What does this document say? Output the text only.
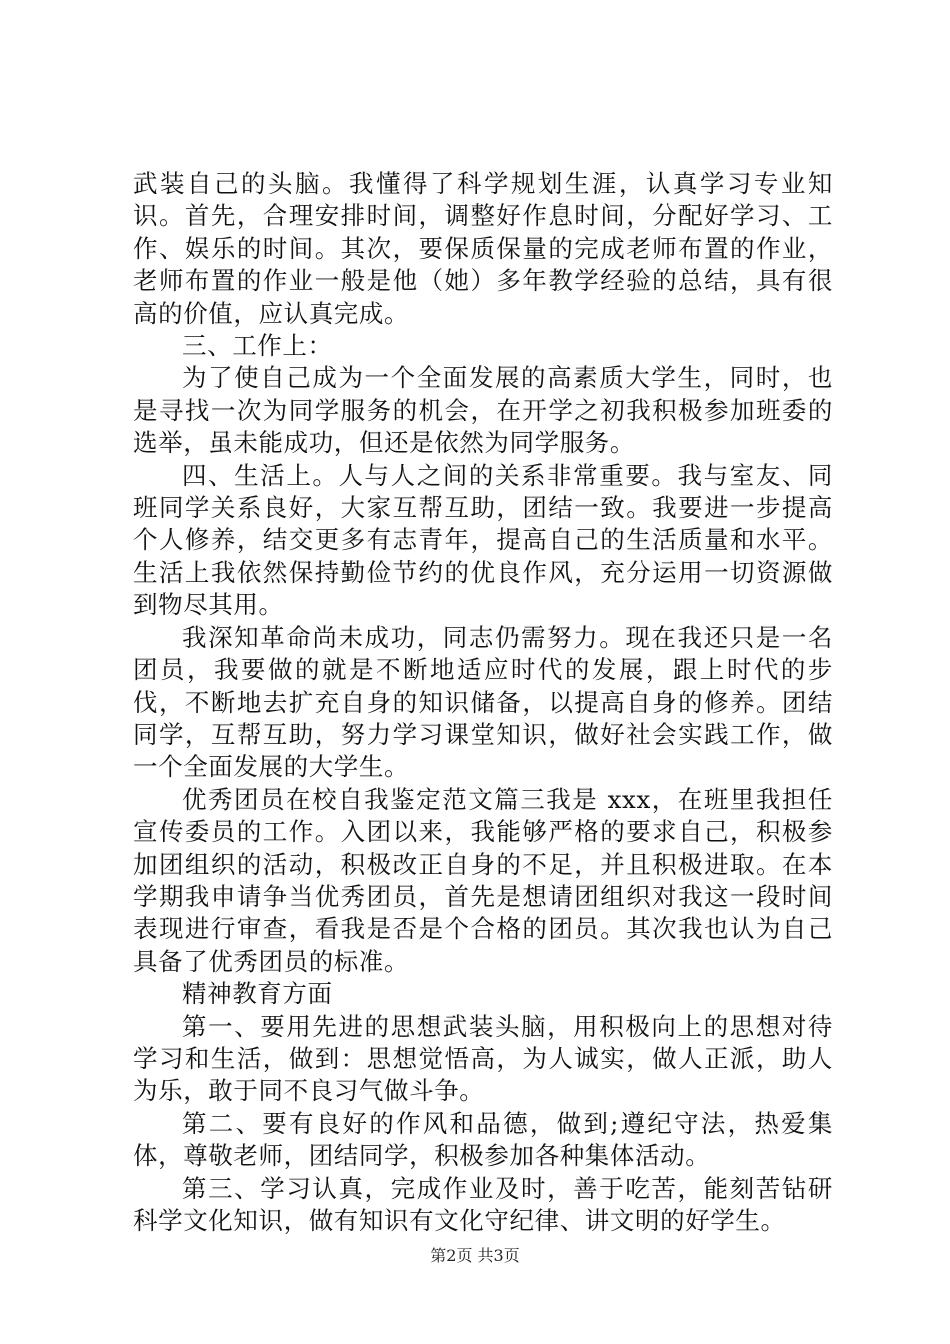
武装自己的头脑。我懂得了科学规划生涯，认真学习专业知识。首先，合理安排时间，调整好作息时间，分配好学习、工作、娱乐的时间。其次，要保质保量的完成老师布置的作业，老师布置的作业一般是他（她）多年教学经验的总结，具有很高的价值，应认真完成。

三、工作上：

为了使自己成为一个全面发展的高素质大学生，同时，也是寻找一次为同学服务的机会，在开学之初我积极参加班委的选举，虽未能成功，但还是依然为同学服务。

四、生活上。人与人之间的关系非常重要。我与室友、同班同学关系良好，大家互帮互助，团结一致。我要进一步提高个人修养，结交更多有志青年，提高自己的生活质量和水平。生活上我依然保持勤俭节约的优良作风，充分运用一切资源做到物尽其用。

我深知革命尚未成功，同志仍需努力。现在我还只是一名团员，我要做的就是不断地适应时代的发展，跟上时代的步伐，不断地去扩充自身的知识储备，以提高自身的修养。团结同学，互帮互助，努力学习课堂知识，做好社会实践工作，做一个全面发展的大学生。

优秀团员在校自我鉴定范文篇三我是 xxx，在班里我担任宣传委员的工作。入团以来，我能够严格的要求自己，积极参加团组织的活动，积极改正自身的不足，并且积极进取。在本学期我申请争当优秀团员，首先是想请团组织对我这一段时间表现进行审查，看我是否是个合格的团员。其次我也认为自己具备了优秀团员的标准。

精神教育方面

第一、要用先进的思想武装头脑，用积极向上的思想对待学习和生活，做到：思想觉悟高，为人诚实，做人正派，助人为乐，敢于同不良习气做斗争。

第二、要有良好的作风和品德，做到;遵纪守法，热爱集体，尊敬老师，团结同学，积极参加各种集体活动。

第三、学习认真，完成作业及时，善于吃苦，能刻苦钻研科学文化知识，做有知识有文化守纪律、讲文明的好学生。

第2页 共3页
